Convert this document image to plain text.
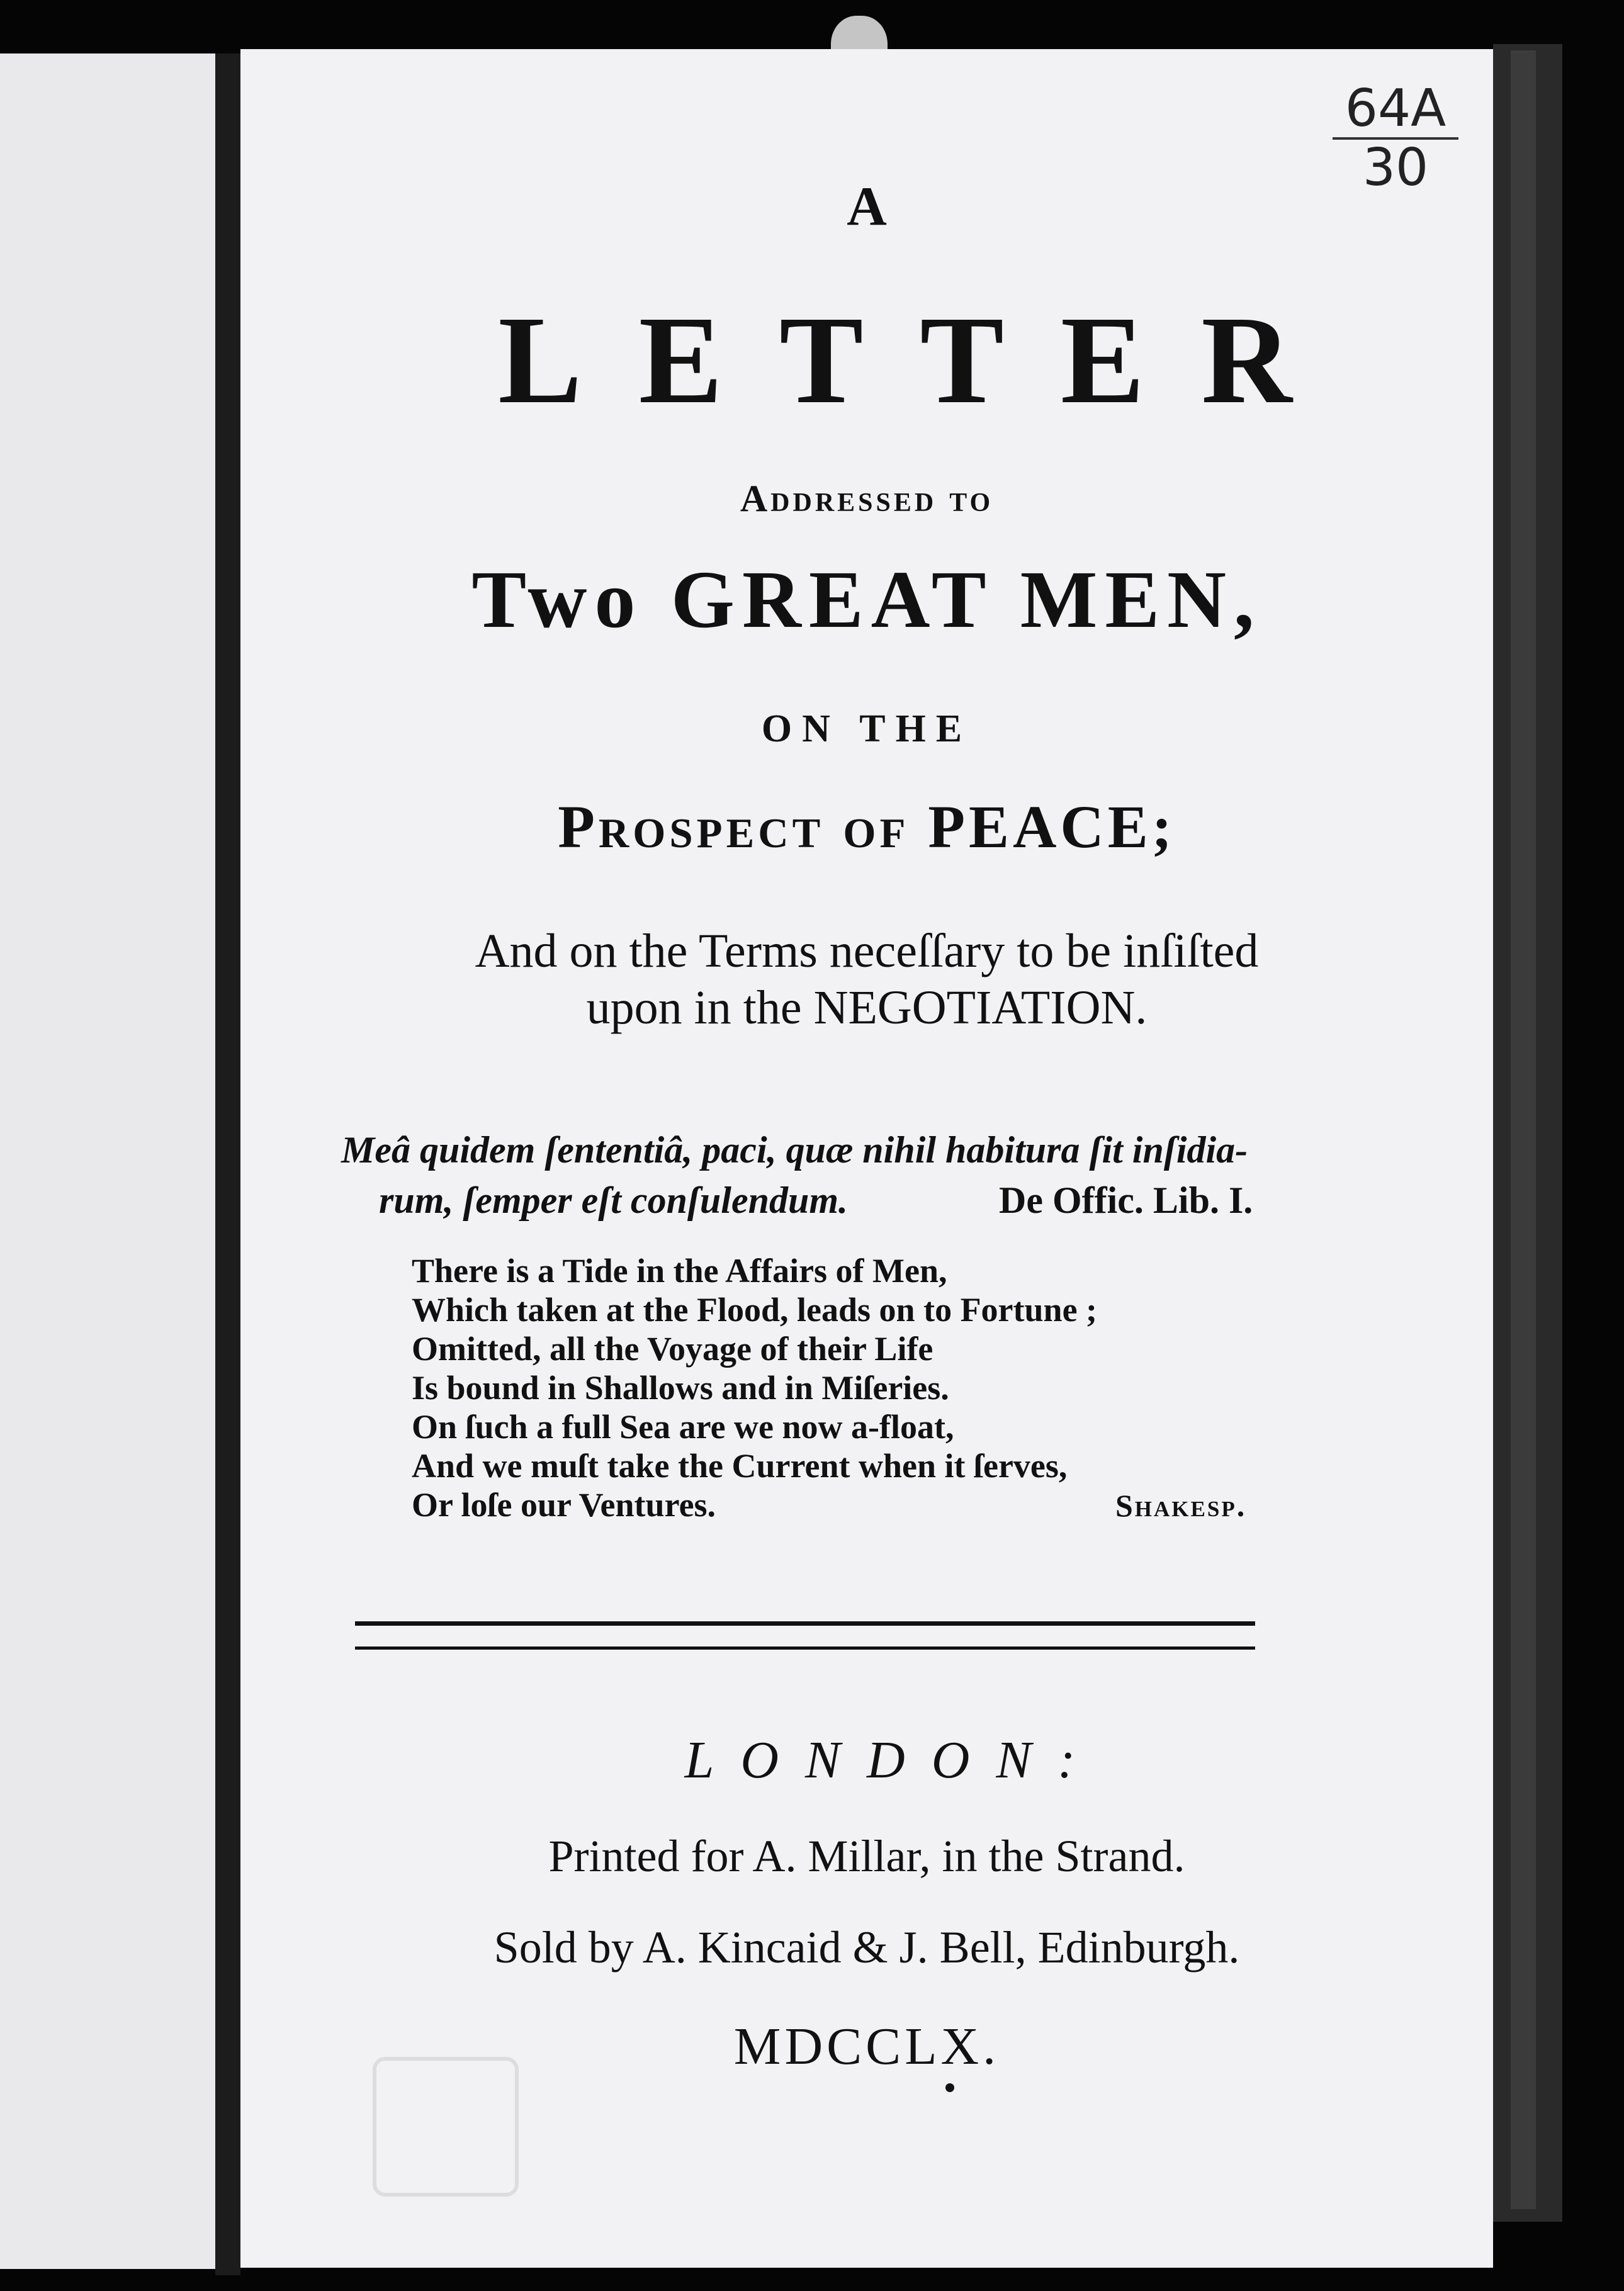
64A
30
A
LETTER
Addressed to
Two GREAT MEN,
ON THE
Prospect of PEACE;
And on the Terms neceſſary to be inſiſted
upon in the NEGOTIATION.
Meâ quidem ſententiâ, paci, quæ nihil habitura ſit inſidia-
rum, ſemper eſt conſulendum.	De Offic. Lib. I.
There is a Tide in the Affairs of Men,
Which taken at the Flood, leads on to Fortune ;
Omitted, all the Voyage of their Life
Is bound in Shallows and in Miſeries.
On ſuch a full Sea are we now a-float,
And we muſt take the Current when it ſerves,
Or loſe our Ventures.	Shakesp.
LONDON:
Printed for A. Millar, in the Strand.
Sold by A. Kincaid & J. Bell, Edinburgh.
MDCCLX.
